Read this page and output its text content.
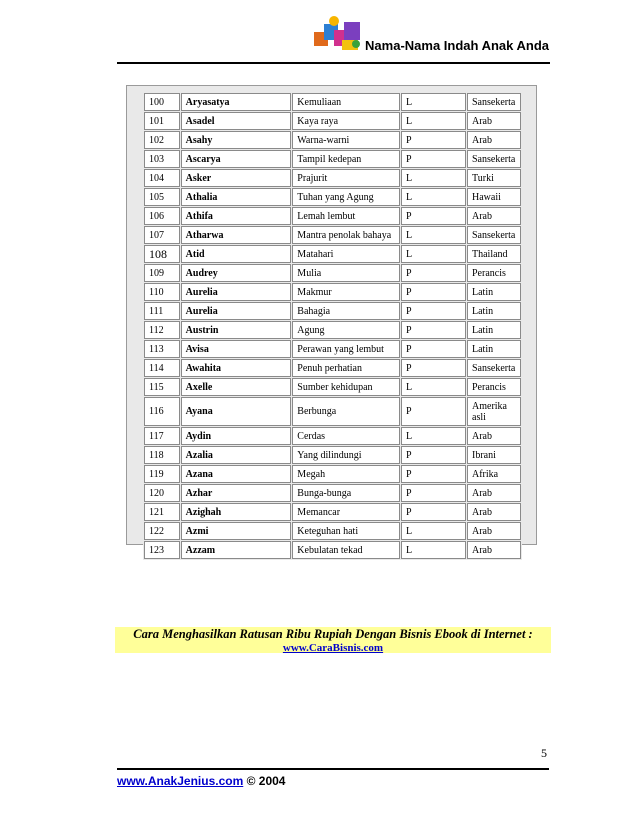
Nama-Nama Indah Anak Anda
100	Aryasatya	Kemuliaan	L	Sansekerta
101	Asadel	Kaya raya	L	Arab
102	Asahy	Warna-warni	P	Arab
103	Ascarya	Tampil kedepan	P	Sansekerta
104	Asker	Prajurit	L	Turki
105	Athalia	Tuhan yang Agung	L	Hawaii
106	Athifa	Lemah lembut	P	Arab
107	Atharwa	Mantra penolak bahaya	L	Sansekerta
108	Atid	Matahari	L	Thailand
109	Audrey	Mulia	P	Perancis
110	Aurelia	Makmur	P	Latin
111	Aurelia	Bahagia	P	Latin
112	Austrin	Agung	P	Latin
113	Avisa	Perawan yang lembut	P	Latin
114	Awahita	Penuh perhatian	P	Sansekerta
115	Axelle	Sumber kehidupan	L	Perancis
116	Ayana	Berbunga	P	Amerika asli
117	Aydin	Cerdas	L	Arab
118	Azalia	Yang dilindungi	P	Ibrani
119	Azana	Megah	P	Afrika
120	Azhar	Bunga-bunga	P	Arab
121	Azighah	Memancar	P	Arab
122	Azmi	Keteguhan hati	L	Arab
123	Azzam	Kebulatan tekad	L	Arab
Cara Menghasilkan Ratusan Ribu Rupiah Dengan Bisnis Ebook di Internet :
www.CaraBisnis.com
5
www.AnakJenius.com © 2004
